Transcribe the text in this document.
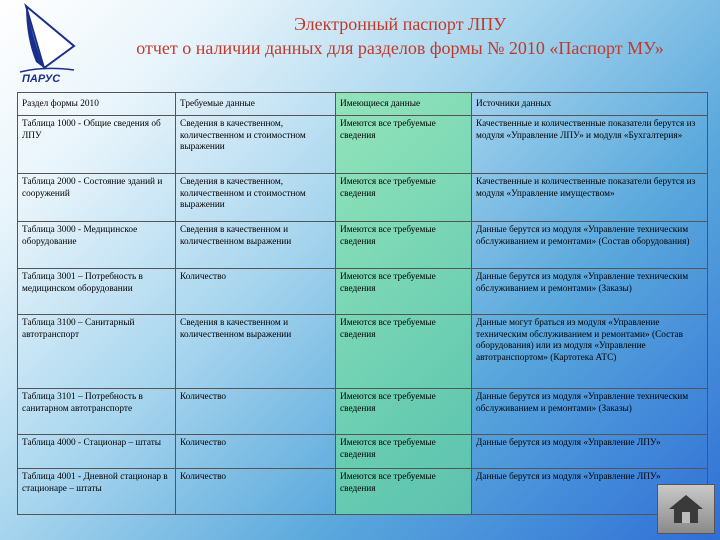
ПАРУС
Электронный паспорт ЛПУ
отчет о наличии данных для разделов формы № 2010 «Паспорт МУ»
Раздел формы 2010	Требуемые данные	Имеющиеся данные	Источники данных
Таблица 1000 - Общие сведения об ЛПУ	Сведения в качественном, количественном и стоимостном выражении	Имеются все требуемые сведения	Качественные и количественные показатели берутся из модуля «Управление ЛПУ» и модуля «Бухгалтерия»
Таблица 2000 - Состояние зданий и сооружений	Сведения в качественном, количественном и стоимостном выражении	Имеются все требуемые сведения	Качественные и количественные показатели берутся из модуля «Управление имуществом»
Таблица 3000 - Медицинское оборудование	Сведения в качественном и количественном выражении	Имеются все требуемые сведения	Данные берутся из модуля «Управление техническим обслуживанием и ремонтами» (Состав оборудования)
Таблица 3001 – Потребность в медицинском оборудовании	Количество	Имеются все требуемые сведения	Данные берутся из модуля «Управление техническим обслуживанием и ремонтами» (Заказы)
Таблица 3100 – Санитарный автотранспорт	Сведения в качественном и количественном выражении	Имеются все требуемые сведения	Данные могут браться из модуля «Управление техническим обслуживанием и ремонтами» (Состав оборудования) или из модуля «Управление автотранспортом» (Картотека АТС)
Таблица 3101 – Потребность в санитарном автотранспорте	Количество	Имеются все требуемые сведения	Данные берутся из модуля «Управление техническим обслуживанием и ремонтами» (Заказы)
Таблица 4000 - Стационар – штаты	Количество	Имеются все требуемые сведения	Данные берутся из модуля «Управление ЛПУ»
Таблица 4001 - Дневной стационар в стационаре – штаты	Количество	Имеются все требуемые сведения	Данные берутся из модуля «Управление ЛПУ»
